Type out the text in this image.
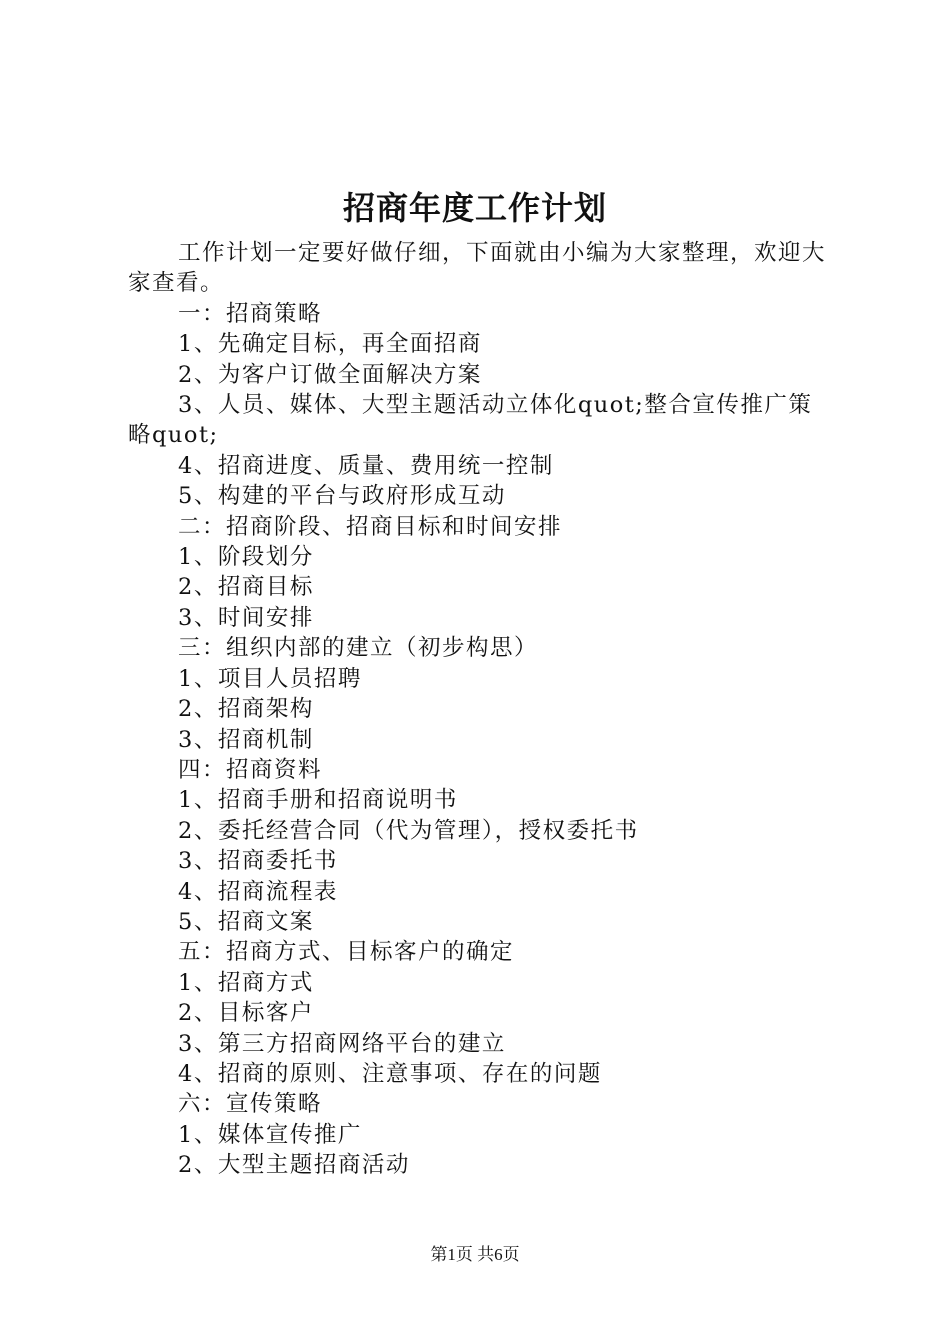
招商年度工作计划

工作计划一定要好做仔细，下面就由小编为大家整理，欢迎大家查看。

一：招商策略

1、先确定目标，再全面招商

2、为客户订做全面解决方案

3、人员、媒体、大型主题活动立体化quot;整合宣传推广策略quot;

4、招商进度、质量、费用统一控制

5、构建的平台与政府形成互动

二：招商阶段、招商目标和时间安排

1、阶段划分

2、招商目标

3、时间安排

三：组织内部的建立（初步构思）

1、项目人员招聘

2、招商架构

3、招商机制

四：招商资料

1、招商手册和招商说明书

2、委托经营合同（代为管理），授权委托书

3、招商委托书

4、招商流程表

5、招商文案

五：招商方式、目标客户的确定

1、招商方式

2、目标客户

3、第三方招商网络平台的建立

4、招商的原则、注意事项、存在的问题

六：宣传策略

1、媒体宣传推广

2、大型主题招商活动

第1页 共6页
